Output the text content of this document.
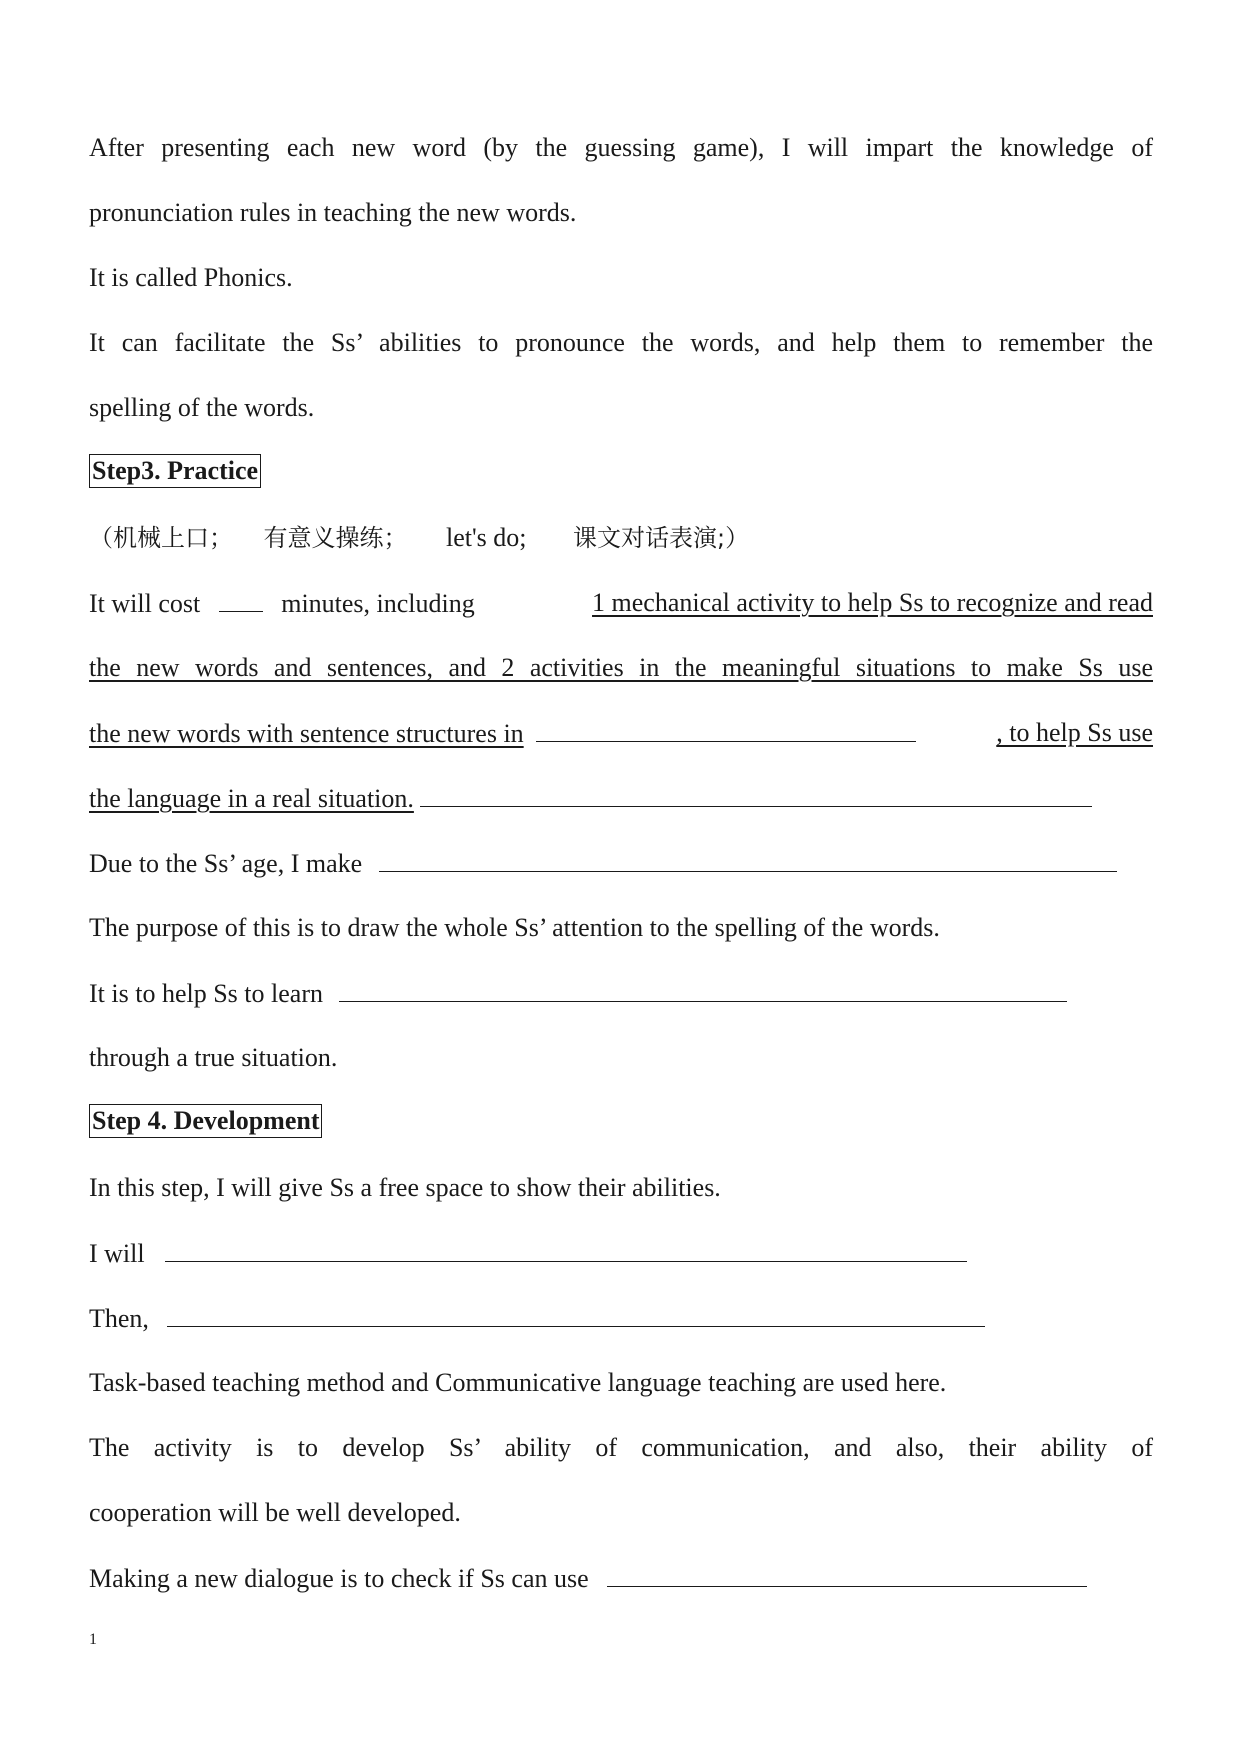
After presenting each new word (by the guessing game), I will impart the knowledge of
pronunciation rules in teaching the new words.
It is called Phonics.
It can facilitate the Ss’ abilities to pronounce the words, and help them to remember the
spelling of the words.
Step3. Practice
（机械上口； 有意义操练； let's do; 课文对话表演;）
It will cost	minutes, including	1 mechanical activity to help Ss to recognize and read
the new words and sentences, and 2 activities in the meaningful situations to make Ss use
the new words with sentence structures in	, to help Ss use
the language in a real situation.
Due to the Ss’ age, I make
The purpose of this is to draw the whole Ss’ attention to the spelling of the words.
It is to help Ss to learn
through a true situation.
Step 4. Development
In this step, I will give Ss a free space to show their abilities.
I will
Then,
Task-based teaching method and Communicative language teaching are used here.
The activity is to develop Ss’ ability of communication, and also, their ability of
cooperation will be well developed.
Making a new dialogue is to check if Ss can use
1
